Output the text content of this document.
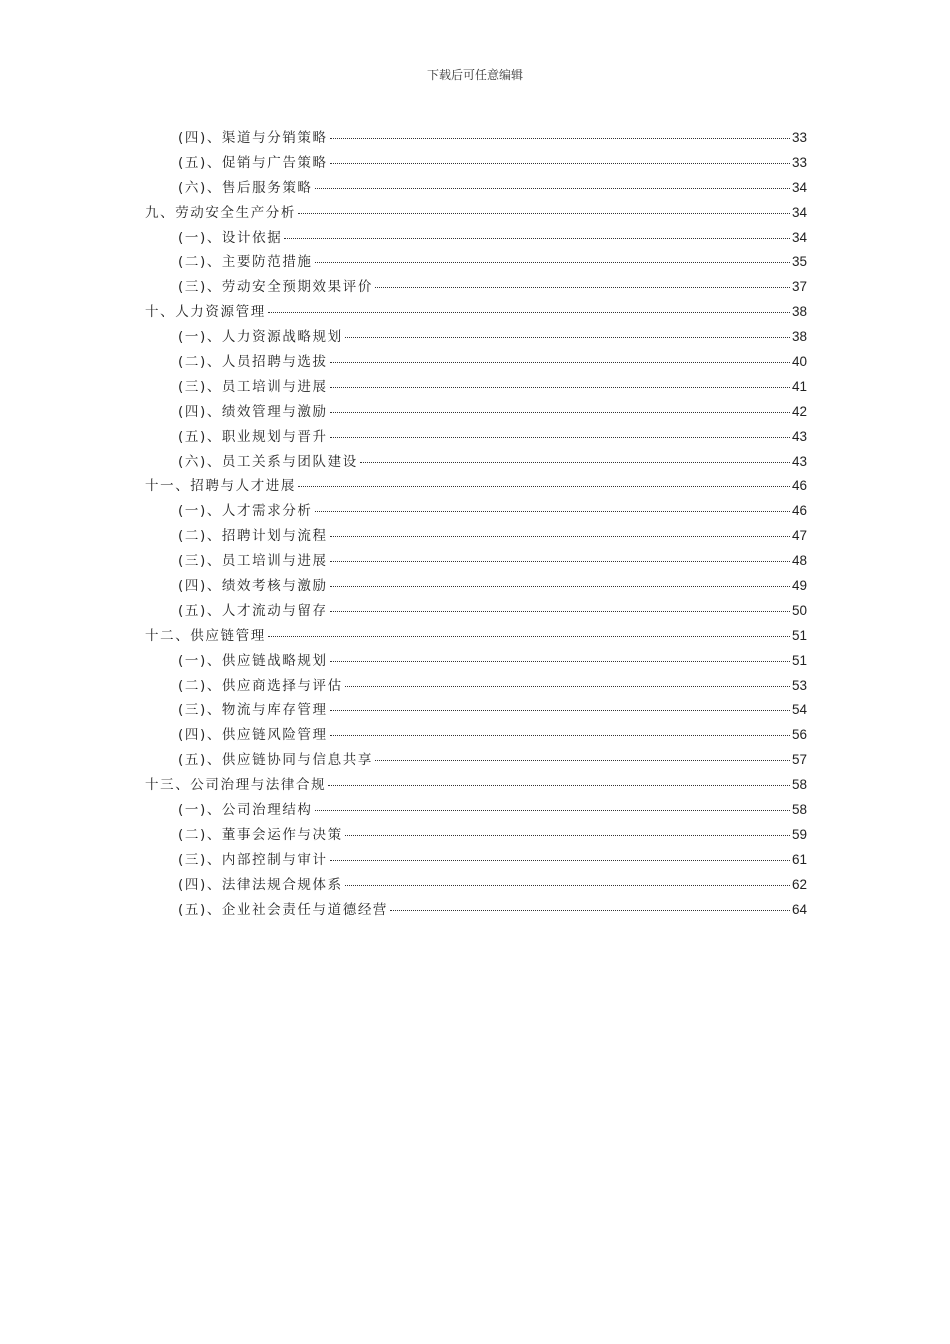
下载后可任意编辑
(四)、渠道与分销策略	33
(五)、促销与广告策略	33
(六)、售后服务策略	34
九、劳动安全生产分析	34
(一)、设计依据	34
(二)、主要防范措施	35
(三)、劳动安全预期效果评价	37
十、人力资源管理	38
(一)、人力资源战略规划	38
(二)、人员招聘与选拔	40
(三)、员工培训与进展	41
(四)、绩效管理与激励	42
(五)、职业规划与晋升	43
(六)、员工关系与团队建设	43
十一、招聘与人才进展	46
(一)、人才需求分析	46
(二)、招聘计划与流程	47
(三)、员工培训与进展	48
(四)、绩效考核与激励	49
(五)、人才流动与留存	50
十二、供应链管理	51
(一)、供应链战略规划	51
(二)、供应商选择与评估	53
(三)、物流与库存管理	54
(四)、供应链风险管理	56
(五)、供应链协同与信息共享	57
十三、公司治理与法律合规	58
(一)、公司治理结构	58
(二)、董事会运作与决策	59
(三)、内部控制与审计	61
(四)、法律法规合规体系	62
(五)、企业社会责任与道德经营	64
